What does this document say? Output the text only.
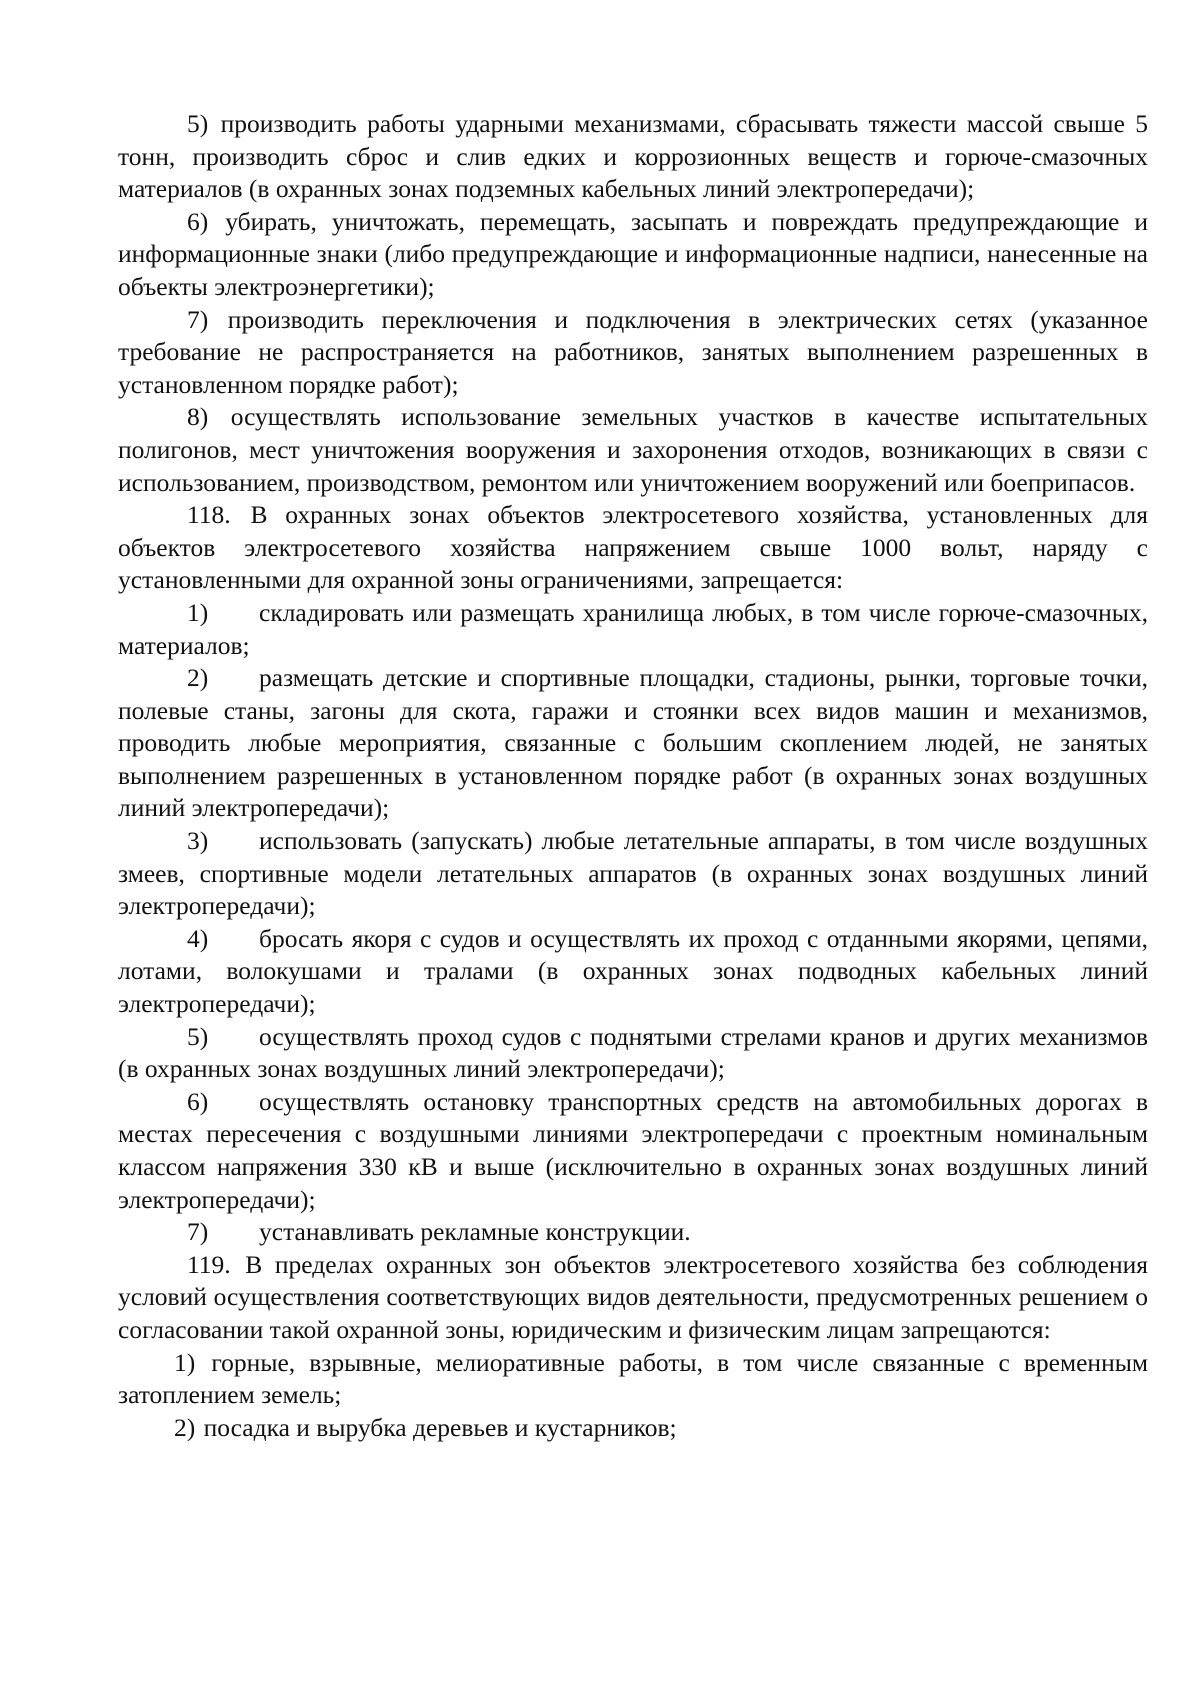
5) производить работы ударными механизмами, сбрасывать тяжести массой свыше 5 тонн, производить сброс и слив едких и коррозионных веществ и горюче-смазочных материалов (в охранных зонах подземных кабельных линий электропередачи);

6) убирать, уничтожать, перемещать, засыпать и повреждать предупреждающие и информационные знаки (либо предупреждающие и информационные надписи, нанесенные на объекты электроэнергетики);

7) производить переключения и подключения в электрических сетях (указанное требование не распространяется на работников, занятых выполнением разрешенных в установленном порядке работ);

8) осуществлять использование земельных участков в качестве испытательных полигонов, мест уничтожения вооружения и захоронения отходов, возникающих в связи с использованием, производством, ремонтом или уничтожением вооружений или боеприпасов.

118. В охранных зонах объектов электросетевого хозяйства, установленных для объектов электросетевого хозяйства напряжением свыше 1000 вольт, наряду с установленными для охранной зоны ограничениями, запрещается:

1) складировать или размещать хранилища любых, в том числе горюче-смазочных, материалов;

2) размещать детские и спортивные площадки, стадионы, рынки, торговые точки, полевые станы, загоны для скота, гаражи и стоянки всех видов машин и механизмов, проводить любые мероприятия, связанные с большим скоплением людей, не занятых выполнением разрешенных в установленном порядке работ (в охранных зонах воздушных линий электропередачи);

3) использовать (запускать) любые летательные аппараты, в том числе воздушных змеев, спортивные модели летательных аппаратов (в охранных зонах воздушных линий электропередачи);

4) бросать якоря с судов и осуществлять их проход с отданными якорями, цепями, лотами, волокушами и тралами (в охранных зонах подводных кабельных линий электропередачи);

5) осуществлять проход судов с поднятыми стрелами кранов и других механизмов (в охранных зонах воздушных линий электропередачи);

6) осуществлять остановку транспортных средств на автомобильных дорогах в местах пересечения с воздушными линиями электропередачи с проектным номинальным классом напряжения 330 кВ и выше (исключительно в охранных зонах воздушных линий электропередачи);

7) устанавливать рекламные конструкции.

119. В пределах охранных зон объектов электросетевого хозяйства без соблюдения условий осуществления соответствующих видов деятельности, предусмотренных решением о согласовании такой охранной зоны, юридическим и физическим лицам запрещаются:

1) горные, взрывные, мелиоративные работы, в том числе связанные с временным затоплением земель;

2) посадка и вырубка деревьев и кустарников;
